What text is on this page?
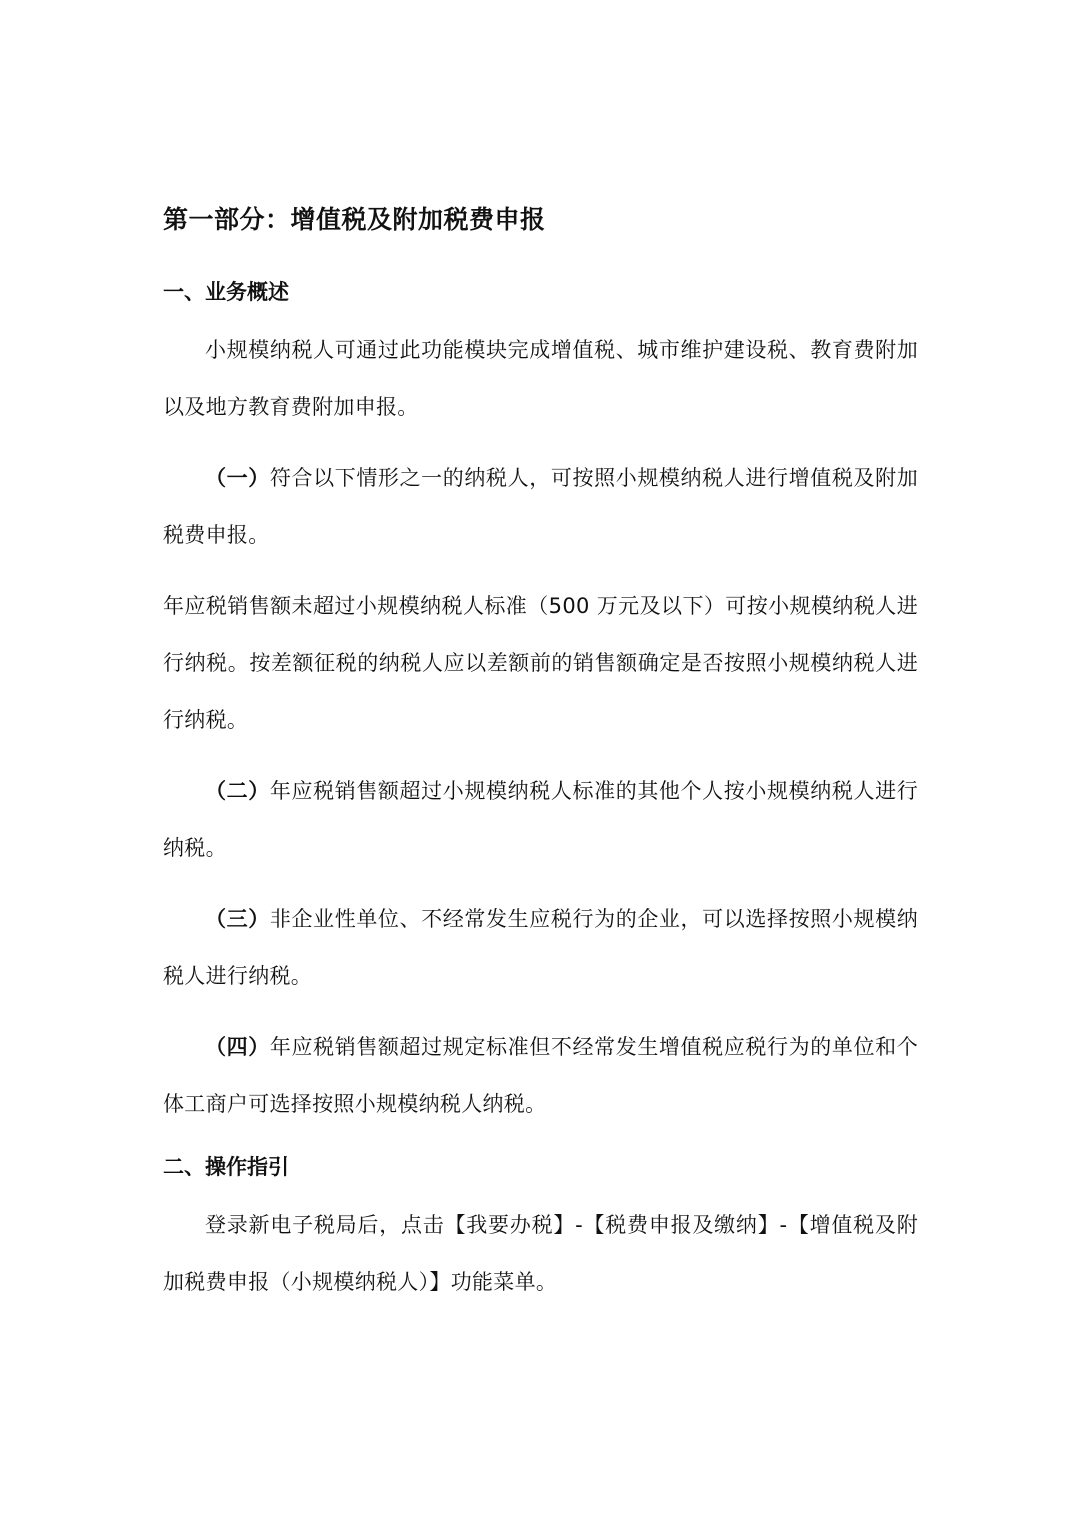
第一部分：增值税及附加税费申报
一、业务概述

小规模纳税人可通过此功能模块完成增值税、城市维护建设税、教育费附加以及地方教育费附加申报。

（一）符合以下情形之一的纳税人，可按照小规模纳税人进行增值税及附加税费申报。

年应税销售额未超过小规模纳税人标准（500 万元及以下）可按小规模纳税人进行纳税。按差额征税的纳税人应以差额前的销售额确定是否按照小规模纳税人进行纳税。

（二）年应税销售额超过小规模纳税人标准的其他个人按小规模纳税人进行纳税。

（三）非企业性单位、不经常发生应税行为的企业，可以选择按照小规模纳税人进行纳税。

（四）年应税销售额超过规定标准但不经常发生增值税应税行为的单位和个体工商户可选择按照小规模纳税人纳税。

二、操作指引

登录新电子税局后，点击【我要办税】-【税费申报及缴纳】-【增值税及附加税费申报（小规模纳税人）】功能菜单。
